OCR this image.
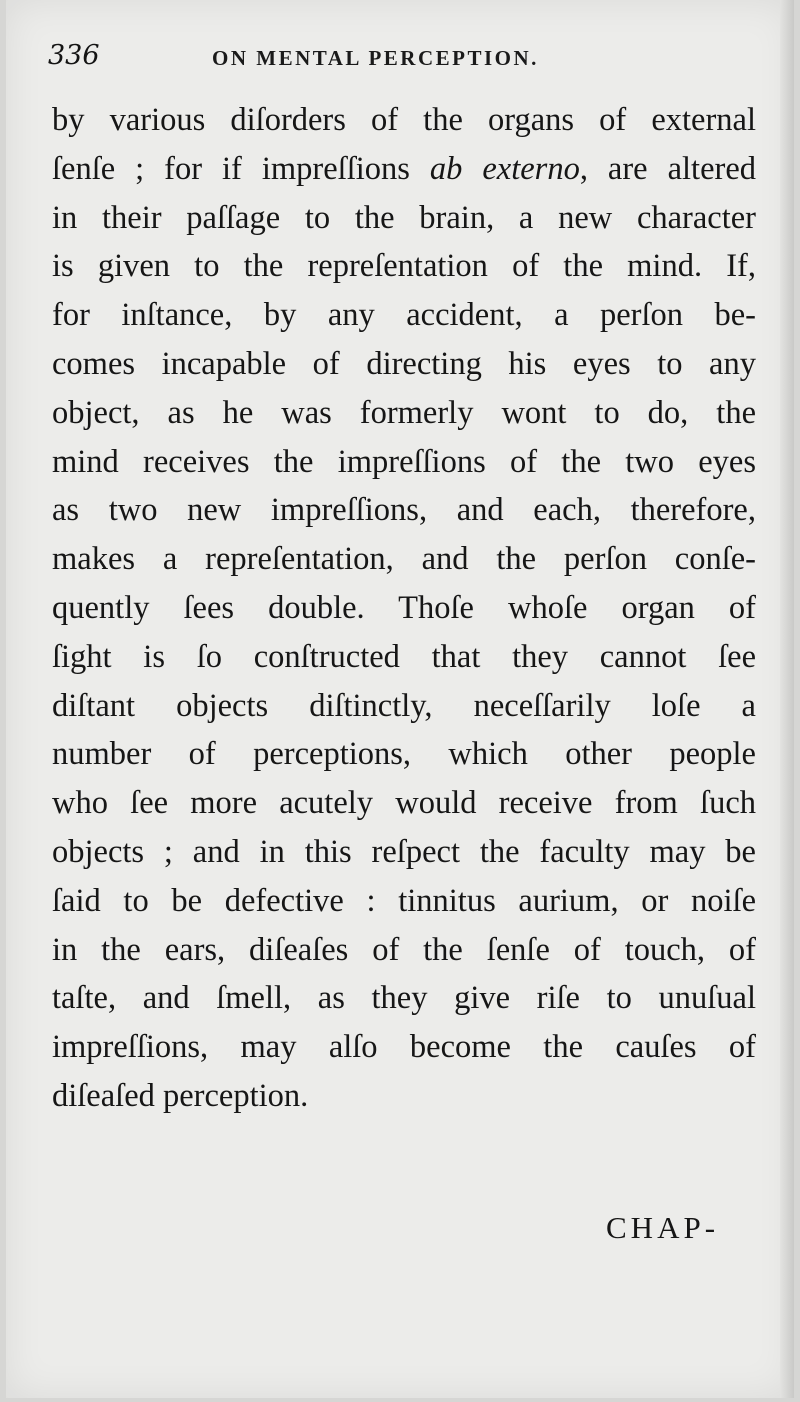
336	ON MENTAL PERCEPTION.
by various diſorders of the organs of external
ſenſe ; for if impreſſions ab externo, are altered
in their paſſage to the brain, a new character
is given to the repreſentation of the mind. If,
for inſtance, by any accident, a perſon be-
comes incapable of directing his eyes to any
object, as he was formerly wont to do, the
mind receives the impreſſions of the two eyes
as two new impreſſions, and each, therefore,
makes a repreſentation, and the perſon conſe-
quently ſees double. Thoſe whoſe organ of
ſight is ſo conſtructed that they cannot ſee
diſtant objects diſtinctly, neceſſarily loſe a
number of perceptions, which other people
who ſee more acutely would receive from ſuch
objects ; and in this reſpect the faculty may be
ſaid to be defective : tinnitus aurium, or noiſe
in the ears, diſeaſes of the ſenſe of touch, of
taſte, and ſmell, as they give riſe to unuſual
impreſſions, may alſo become the cauſes of
diſeaſed perception.
CHAP-
